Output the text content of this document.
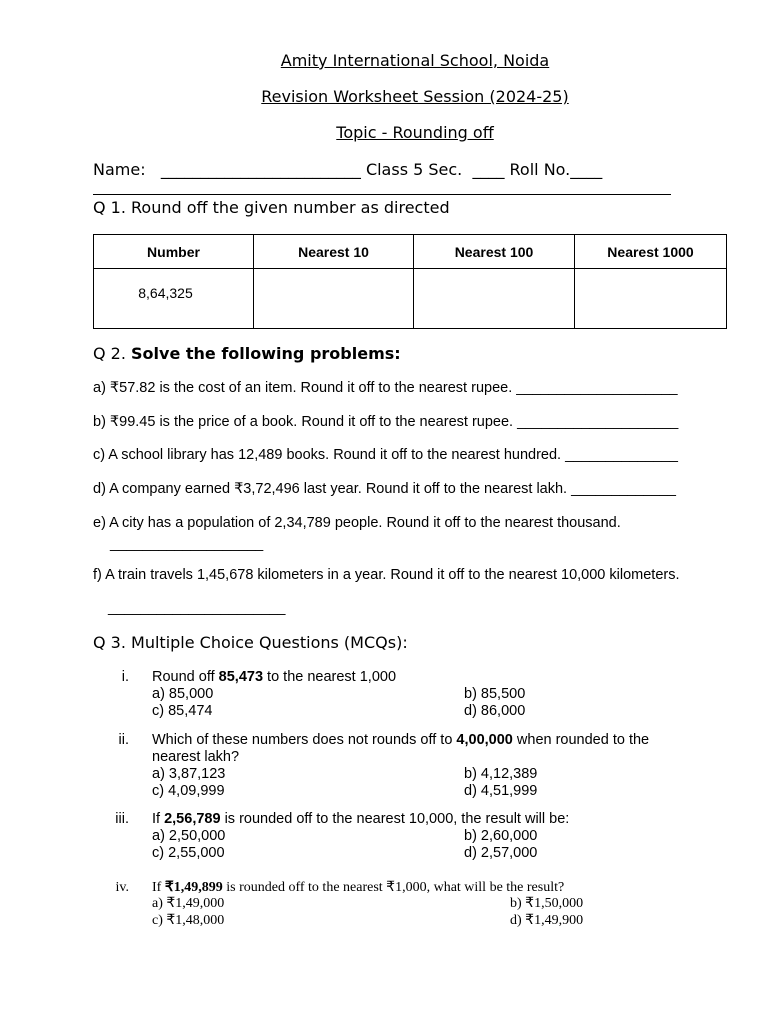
Amity International School, Noida
Revision Worksheet Session (2024-25)
Topic - Rounding off
Name:   _________________________ Class 5 Sec.  ____ Roll No.____
Q 1. Round off the given number as directed
Number	Nearest 10	Nearest 100	Nearest 1000
8,64,325			
Q 2. Solve the following problems:
a) ₹57.82 is the cost of an item. Round it off to the nearest rupee. ____________________
b) ₹99.45 is the price of a book. Round it off to the nearest rupee. ____________________
c) A school library has 12,489 books. Round it off to the nearest hundred. ______________
d) A company earned ₹3,72,496 last year. Round it off to the nearest lakh. _____________
e) A city has a population of 2,34,789 people. Round it off to the nearest thousand.
___________________
f) A train travels 1,45,678 kilometers in a year. Round it off to the nearest 10,000 kilometers.
______________________
Q 3. Multiple Choice Questions (MCQs):
i. Round off 85,473 to the nearest 1,000
a) 85,000	b) 85,500
c) 85,474	d) 86,000
ii. Which of these numbers does not rounds off to 4,00,000 when rounded to the nearest lakh?
a) 3,87,123	b) 4,12,389
c) 4,09,999	d) 4,51,999
iii. If 2,56,789 is rounded off to the nearest 10,000, the result will be:
a) 2,50,000	b) 2,60,000
c) 2,55,000	d) 2,57,000
iv. If ₹1,49,899 is rounded off to the nearest ₹1,000, what will be the result?
a) ₹1,49,000	b) ₹1,50,000
c) ₹1,48,000	d) ₹1,49,900
